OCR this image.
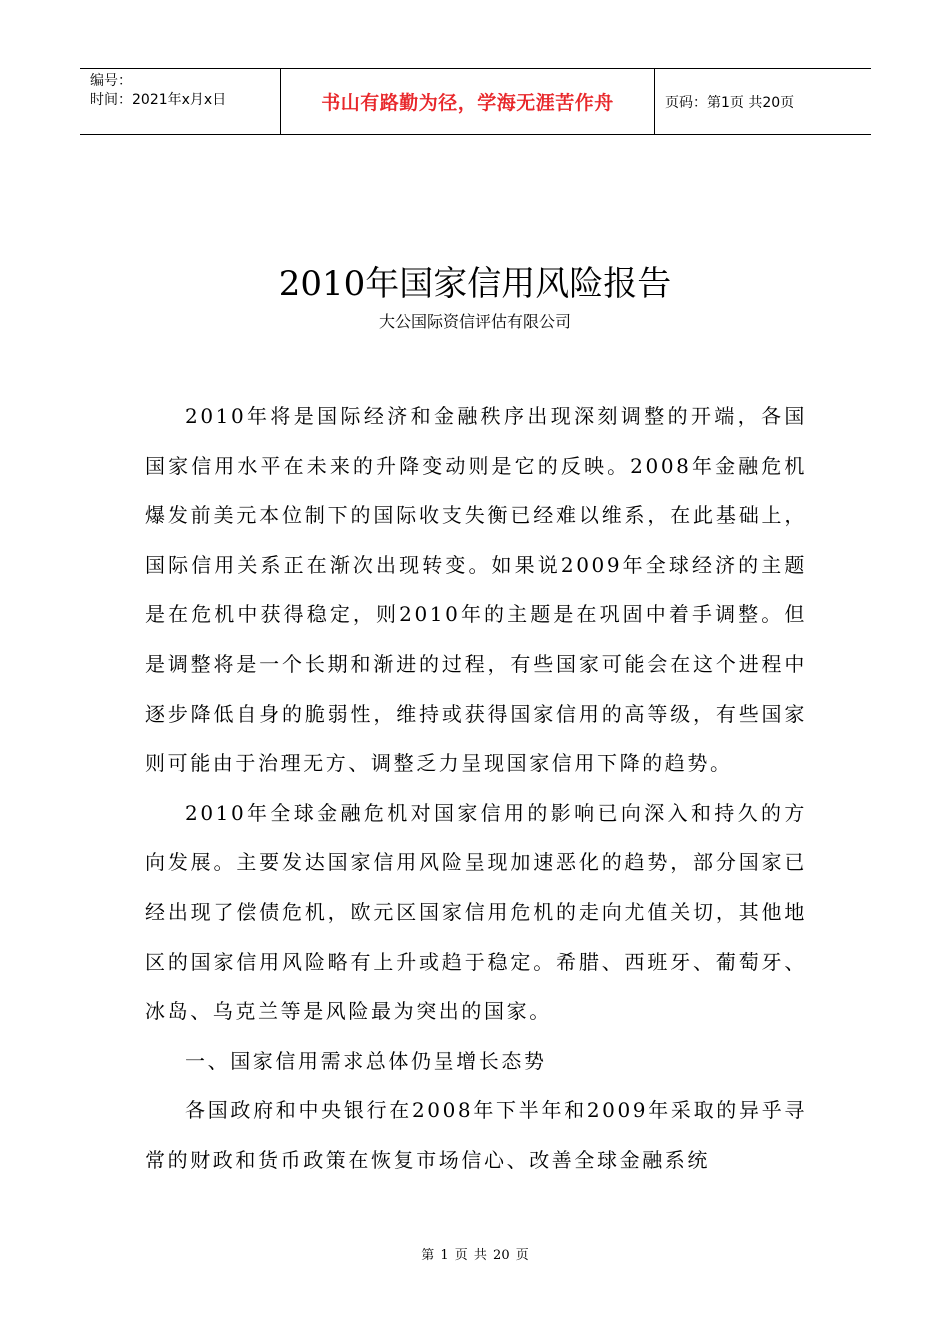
编号：
时间：2021年x月x日	书山有路勤为径，学海无涯苦作舟	页码：第1页 共20页
2010年国家信用风险报告
大公国际资信评估有限公司

2010年将是国际经济和金融秩序出现深刻调整的开端，各国国家信用水平在未来的升降变动则是它的反映。2008年金融危机爆发前美元本位制下的国际收支失衡已经难以维系，在此基础上，国际信用关系正在渐次出现转变。如果说2009年全球经济的主题是在危机中获得稳定，则2010年的主题是在巩固中着手调整。但是调整将是一个长期和渐进的过程，有些国家可能会在这个进程中逐步降低自身的脆弱性，维持或获得国家信用的高等级，有些国家则可能由于治理无方、调整乏力呈现国家信用下降的趋势。

2010年全球金融危机对国家信用的影响已向深入和持久的方向发展。主要发达国家信用风险呈现加速恶化的趋势，部分国家已经出现了偿债危机，欧元区国家信用危机的走向尤值关切，其他地区的国家信用风险略有上升或趋于稳定。希腊、西班牙、葡萄牙、冰岛、乌克兰等是风险最为突出的国家。

一、国家信用需求总体仍呈增长态势

各国政府和中央银行在2008年下半年和2009年采取的异乎寻常的财政和货币政策在恢复市场信心、改善全球金融系统

第 1 页 共 20 页
